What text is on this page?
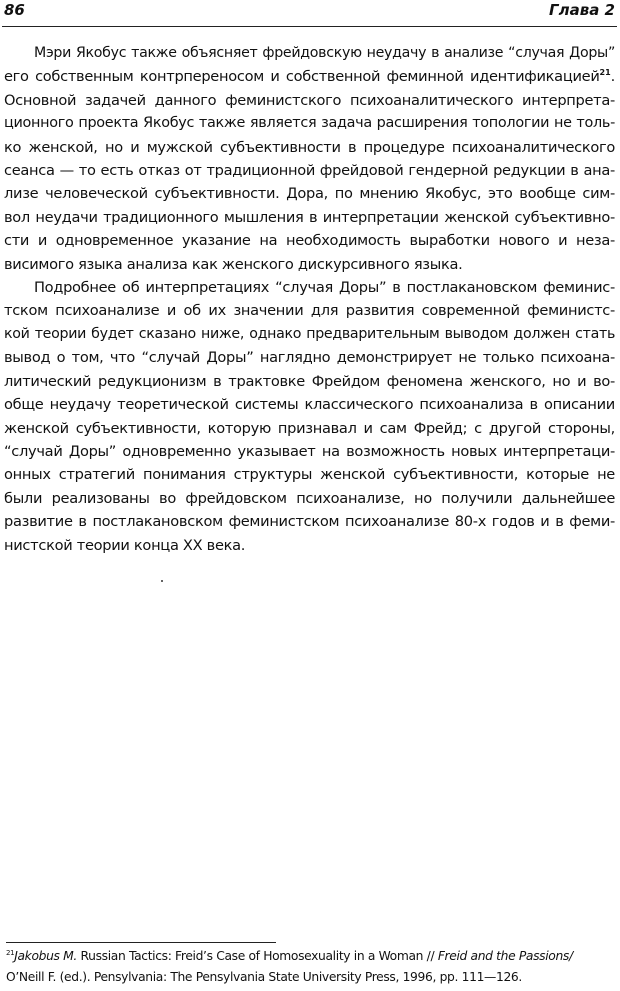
86	Глава 2

Мэри Якобус также объясняет фрейдовскую неудачу в анализе “случая Доры”
его собственным контрпереносом и собственной феминной идентификацией$^{21}$.
Основной задачей данного феминистского психоаналитического интерпрета-
ционного проекта Якобус также является задача расширения топологии не толь-
ко женской, но и мужской субъективности в процедуре психоаналитического
сеанса — то есть отказ от традиционной фрейдовой гендерной редукции в ана-
лизе человеческой субъективности. Дора, по мнению Якобус, это вообще сим-
вол неудачи традиционного мышления в интерпретации женской субъективно-
сти и одновременное указание на необходимость выработки нового и неза-
висимого языка анализа как женского дискурсивного языка.

Подробнее об интерпретациях “случая Доры” в постлакановском феминис-
тском психоанализе и об их значении для развития современной феминистс-
кой теории будет сказано ниже, однако предварительным выводом должен стать
вывод о том, что “случай Доры” наглядно демонстрирует не только психоана-
литический редукционизм в трактовке Фрейдом феномена женского, но и во-
обще неудачу теоретической системы классического психоанализа в описании
женской субъективности, которую признавал и сам Фрейд; с другой стороны,
“случай Доры” одновременно указывает на возможность новых интерпретаци-
онных стратегий понимания структуры женской субъективности, которые не
были реализованы во фрейдовском психоанализе, но получили дальнейшее
развитие в постлакановском феминистском психоанализе 80-х годов и в феми-
нистской теории конца XX века.

$^{21}$Jakobus M. Russian Tactics: Freid’s Case of Homosexuality in a Woman // Freid and the Passions/
O’Neill F. (ed.). Pensylvania: The Pensylvania State University Press, 1996, pp. 111—126.
